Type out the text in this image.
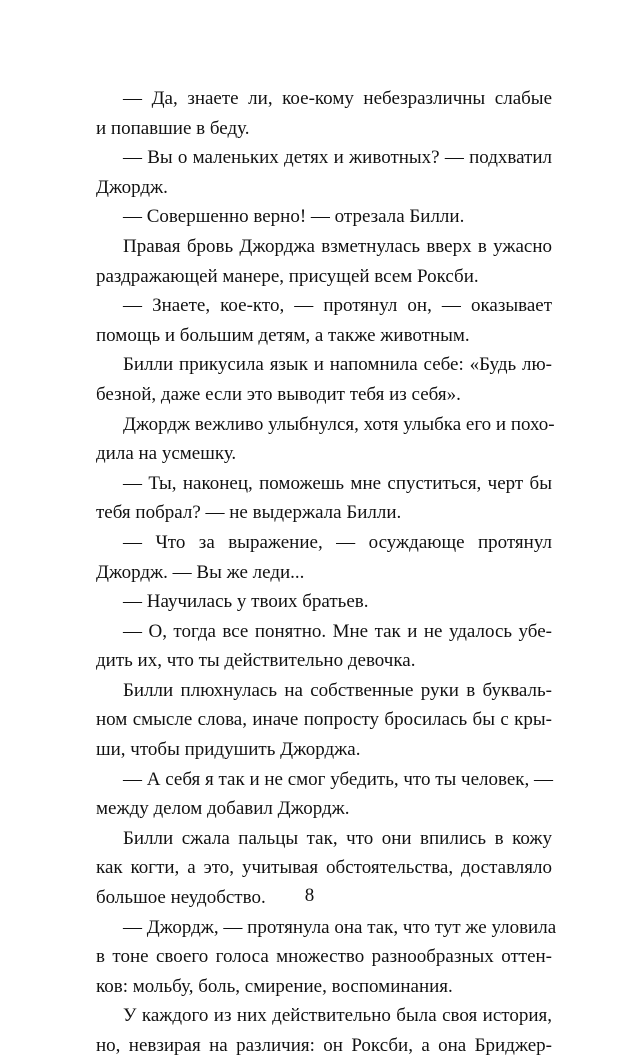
— Да, знаете ли, кое-кому небезразличны слабые
и попавшие в беду.
— Вы о маленьких детях и животных? — подхватил
Джордж.
— Совершенно верно! — отрезала Билли.
Правая бровь Джорджа взметнулась вверх в ужасно
раздражающей манере, присущей всем Роксби.
— Знаете, кое-кто, — протянул он, — оказывает
помощь и большим детям, а также животным.
Билли прикусила язык и напомнила себе: «Будь лю-
безной, даже если это выводит тебя из себя».
Джордж вежливо улыбнулся, хотя улыбка его и похо-
дила на усмешку.
— Ты, наконец, поможешь мне спуститься, черт бы
тебя побрал? — не выдержала Билли.
— Что за выражение, — осуждающе протянул
Джордж. — Вы же леди...
— Научилась у твоих братьев.
— О, тогда все понятно. Мне так и не удалось убе-
дить их, что ты действительно девочка.
Билли плюхнулась на собственные руки в букваль-
ном смысле слова, иначе попросту бросилась бы с кры-
ши, чтобы придушить Джорджа.
— А себя я так и не смог убедить, что ты человек, —
между делом добавил Джордж.
Билли сжала пальцы так, что они впились в кожу
как когти, а это, учитывая обстоятельства, доставляло
большое неудобство.
— Джордж, — протянула она так, что тут же уловила
в тоне своего голоса множество разнообразных оттен-
ков: мольбу, боль, смирение, воспоминания.
У каждого из них действительно была своя история,
но, невзирая на различия: он Роксби, а она Бриджер-
8
